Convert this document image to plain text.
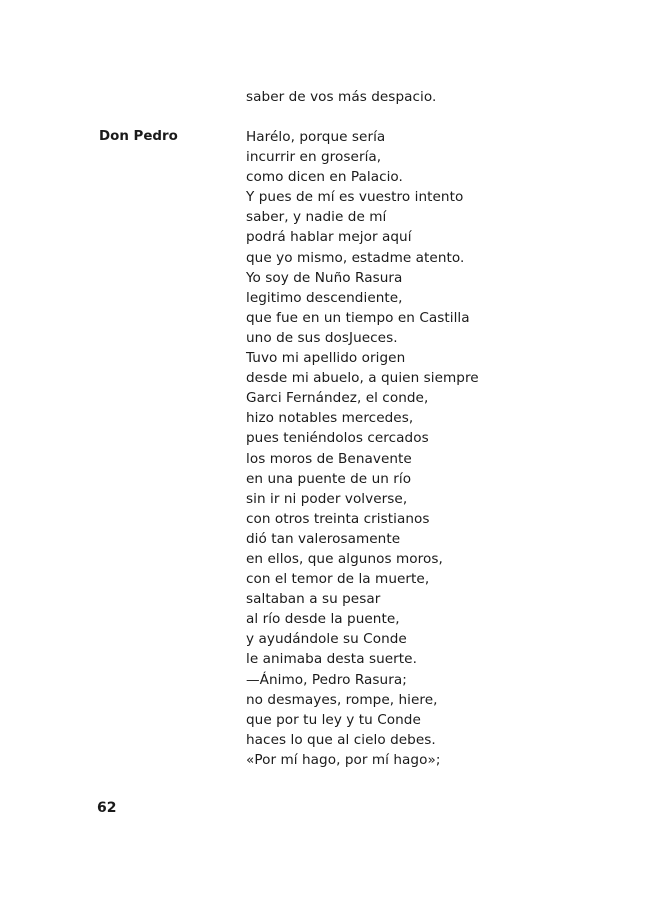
saber de vos más despacio.
Don Pedro	Harélo, porque sería
incurrir en grosería,
como dicen en Palacio.
Y pues de mí es vuestro intento
saber, y nadie de mí
podrá hablar mejor aquí
que yo mismo, estadme atento.
Yo soy de Nuño Rasura
legitimo descendiente,
que fue en un tiempo en Castilla
uno de sus dosJueces.
Tuvo mi apellido origen
desde mi abuelo, a quien siempre
Garci Fernández, el conde,
hizo notables mercedes,
pues teniéndolos cercados
los moros de Benavente
en una puente de un río
sin ir ni poder volverse,
con otros treinta cristianos
dió tan valerosamente
en ellos, que algunos moros,
con el temor de la muerte,
saltaban a su pesar
al río desde la puente,
y ayudándole su Conde
le animaba desta suerte.
—Ánimo, Pedro Rasura;
no desmayes, rompe, hiere,
que por tu ley y tu Conde
haces lo que al cielo debes.
«Por mí hago, por mí hago»;
62
